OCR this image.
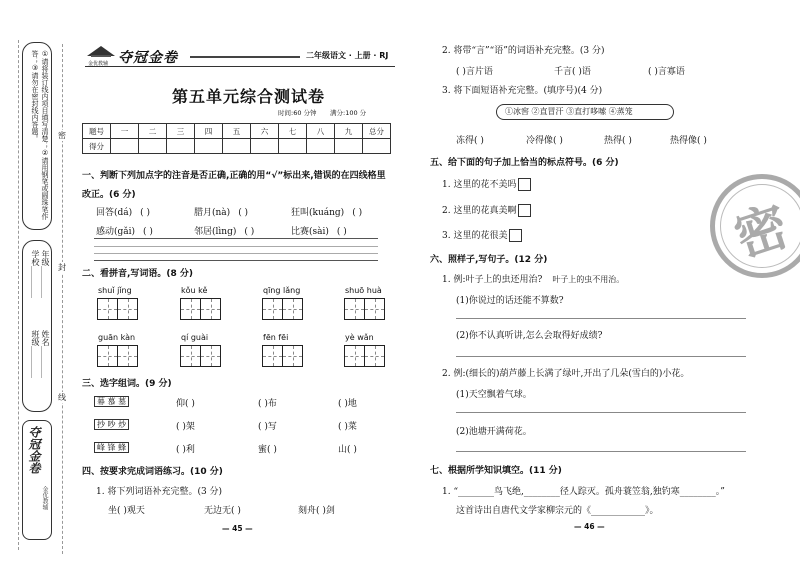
①请将装订线内项目填写清楚；②请用钢笔或圆珠笔作答；③请勿在密封线内答题。
学校＿＿＿＿
班级＿＿＿＿
年级＿＿＿＿
姓名＿＿＿＿
夺冠金卷
金优教辅
密
封
线
金优教辅 夺冠金卷	二年级语文 · 上册 · RJ
第五单元综合测试卷
时间:60 分钟 满分:100 分
题号	一	二	三	四	五	六	七	八	九	总分
得分										
一、判断下列加点字的注音是否正确,正确的用“√”标出来,错误的在四线格里改正。(6 分)
回答(dá) ( )	腊月(nà) ( )	狂叫(kuáng) ( )
感动(gǎi) ( )	邻居(lìng) ( )	比赛(sài) ( )
二、看拼音,写词语。(8 分)
shuǐ jǐng	kǒu kě	qīng lǎng	shuō huà
guān kàn	qí guài	fēn fēi	yè wǎn
三、选字组词。(9 分)
幕 慕 墓	仰( )	( )布	( )地
抄 吵 炒	( )架	( )写	( )菜
峰 锋 蜂	( )利	蜜( )	山( )
四、按要求完成词语练习。(10 分)
1. 将下列词语补充完整。(3 分)
坐( )观天	无边无( )	刻舟( )剑
— 45 —
2. 将带“言”“语”的词语补充完整。(3 分)
( )言片语	千言( )语	( )言寡语
3. 将下面短语补充完整。(填序号)(4 分)
①冰窖 ②直冒汗 ③直打哆嗦 ④蒸笼
冻得( )	冷得像( )	热得( )	热得像( )
五、给下面的句子加上恰当的标点符号。(6 分)
1. 这里的花不美吗
2. 这里的花真美啊
3. 这里的花很美	密
六、照样子,写句子。(12 分)
1. 例:叶子上的虫还用治? 叶子上的虫不用治。
(1)你说过的话还能不算数?
(2)你不认真听讲,怎么会取得好成绩?
2. 例:(细长的)葫芦藤上长满了绿叶,开出了几朵(雪白的)小花。
(1)天空飘着气球。
(2)池塘开满荷花。
七、根据所学知识填空。(11 分)
1. “________鸟飞绝,________径人踪灭。孤舟蓑笠翁,独钓寒________。”
这首诗出自唐代文学家柳宗元的《____________》。
— 46 —
